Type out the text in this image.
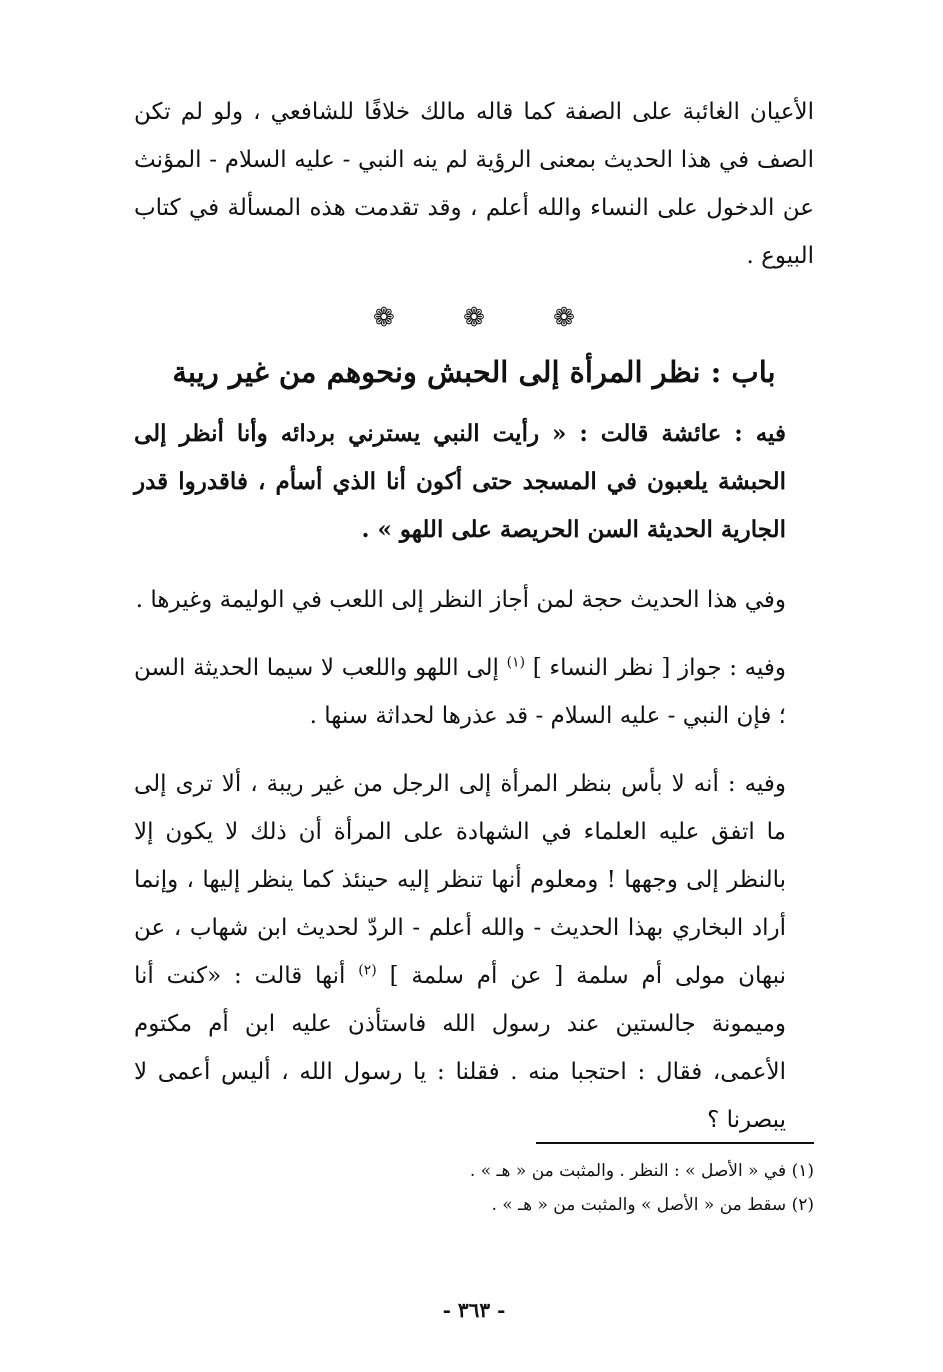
الأعيان الغائبة على الصفة كما قاله مالك خلافًا للشافعي ، ولو لم تكن الصف في هذا الحديث بمعنى الرؤية لم ينه النبي - عليه السلام - المؤنث عن الدخول على النساء والله أعلم ، وقد تقدمت هذه المسألة في كتاب البيوع .

❁ ❁ ❁
باب : نظر المرأة إلى الحبش ونحوهم من غير ريبة

فيه : عائشة قالت : « رأيت النبي يسترني بردائه وأنا أنظر إلى الحبشة يلعبون في المسجد حتى أكون أنا الذي أسأم ، فاقدروا قدر الجارية الحديثة السن الحريصة على اللهو » .

وفي هذا الحديث حجة لمن أجاز النظر إلى اللعب في الوليمة وغيرها .

وفيه : جواز [ نظر النساء ] $^{(١)}$ إلى اللهو واللعب لا سيما الحديثة السن ؛ فإن النبي - عليه السلام - قد عذرها لحداثة سنها .

وفيه : أنه لا بأس بنظر المرأة إلى الرجل من غير ريبة ، ألا ترى إلى ما اتفق عليه العلماء في الشهادة على المرأة أن ذلك لا يكون إلا بالنظر إلى وجهها ! ومعلوم أنها تنظر إليه حينئذ كما ينظر إليها ، وإنما أراد البخاري بهذا الحديث - والله أعلم - الردّ لحديث ابن شهاب ، عن نبهان مولى أم سلمة [ عن أم سلمة ] $^{(٢)}$ أنها قالت : «كنت أنا وميمونة جالستين عند رسول الله فاستأذن عليه ابن أم مكتوم الأعمى، فقال : احتجبا منه . فقلنا : يا رسول الله ، أليس أعمى لا يبصرنا ؟

(١) في « الأصل » : النظر . والمثبت من « هـ » .

(٢) سقط من « الأصل » والمثبت من « هـ » .

- ٣٦٣ -
